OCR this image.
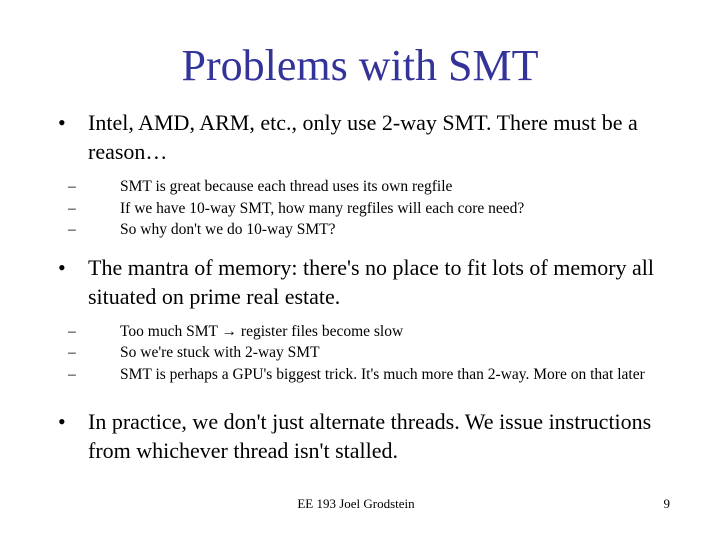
Problems with SMT
• Intel, AMD, ARM, etc., only use 2-way SMT. There must be a reason…
–	SMT is great because each thread uses its own regfile
–	If we have 10-way SMT, how many regfiles will each core need?
–	So why don't we do 10-way SMT?
• The mantra of memory: there's no place to fit lots of memory all situated on prime real estate.
–	Too much SMT → register files become slow
–	So we're stuck with 2-way SMT
–	SMT is perhaps a GPU's biggest trick. It's much more than 2-way. More on that later
• In practice, we don't just alternate threads. We issue instructions from whichever thread isn't stalled.
EE 193 Joel Grodstein	9
